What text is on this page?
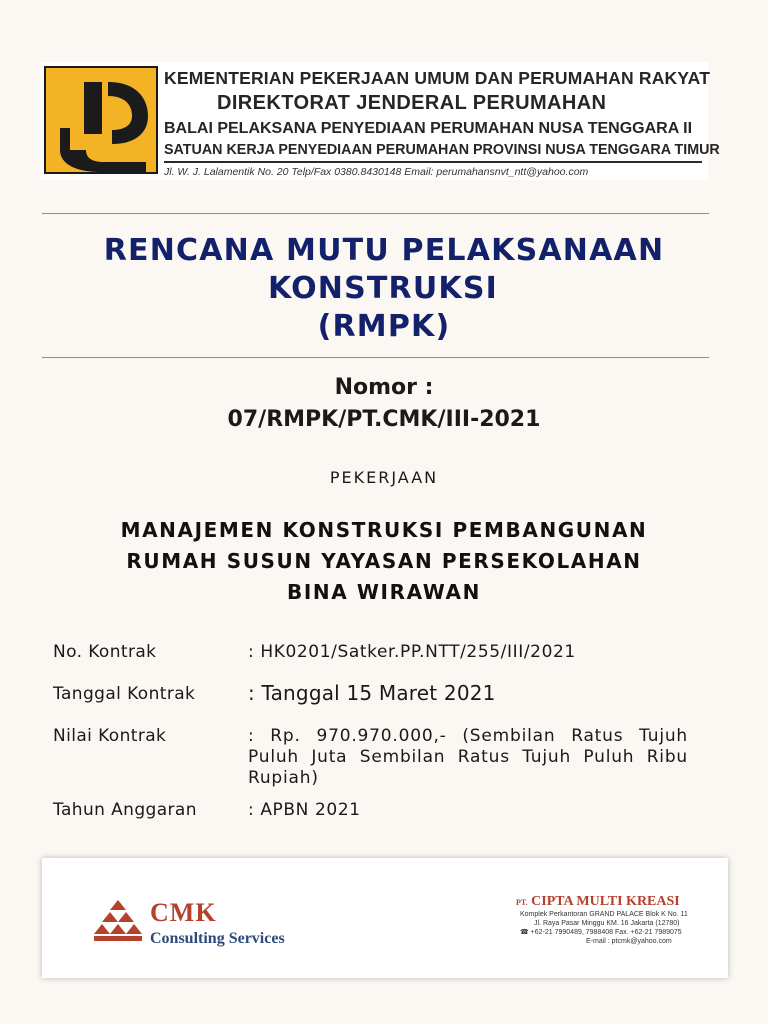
KEMENTERIAN PEKERJAAN UMUM DAN PERUMAHAN RAKYAT
DIREKTORAT JENDERAL PERUMAHAN
BALAI PELAKSANA PENYEDIAAN PERUMAHAN NUSA TENGGARA II
SATUAN KERJA PENYEDIAAN PERUMAHAN PROVINSI NUSA TENGGARA TIMUR
Jl. W. J. Lalamentik No. 20 Telp/Fax 0380.8430148 Email: perumahansnvt_ntt@yahoo.com
RENCANA MUTU PELAKSANAAN
KONSTRUKSI
(RMPK)
Nomor :
07/RMPK/PT.CMK/III-2021
PEKERJAAN
MANAJEMEN KONSTRUKSI PEMBANGUNAN
RUMAH SUSUN YAYASAN PERSEKOLAHAN
BINA WIRAWAN
No. Kontrak	: HK0201/Satker.PP.NTT/255/III/2021
Tanggal Kontrak	: Tanggal 15 Maret 2021
Nilai Kontrak	: Rp. 970.970.000,- (Sembilan Ratus Tujuh Puluh Juta Sembilan Ratus Tujuh Puluh Ribu Rupiah)
Tahun Anggaran	: APBN 2021
CMK
Consulting Services
PT. CIPTA MULTI KREASI
Komplek Perkantoran GRAND PALACE Blok K No. 11
Jl. Raya Pasar Minggu KM. 16 Jakarta (12780)
☎ +62-21 7990489, 7988408 Fax. +62-21 7989075
E-mail : ptcmk@yahoo.com
